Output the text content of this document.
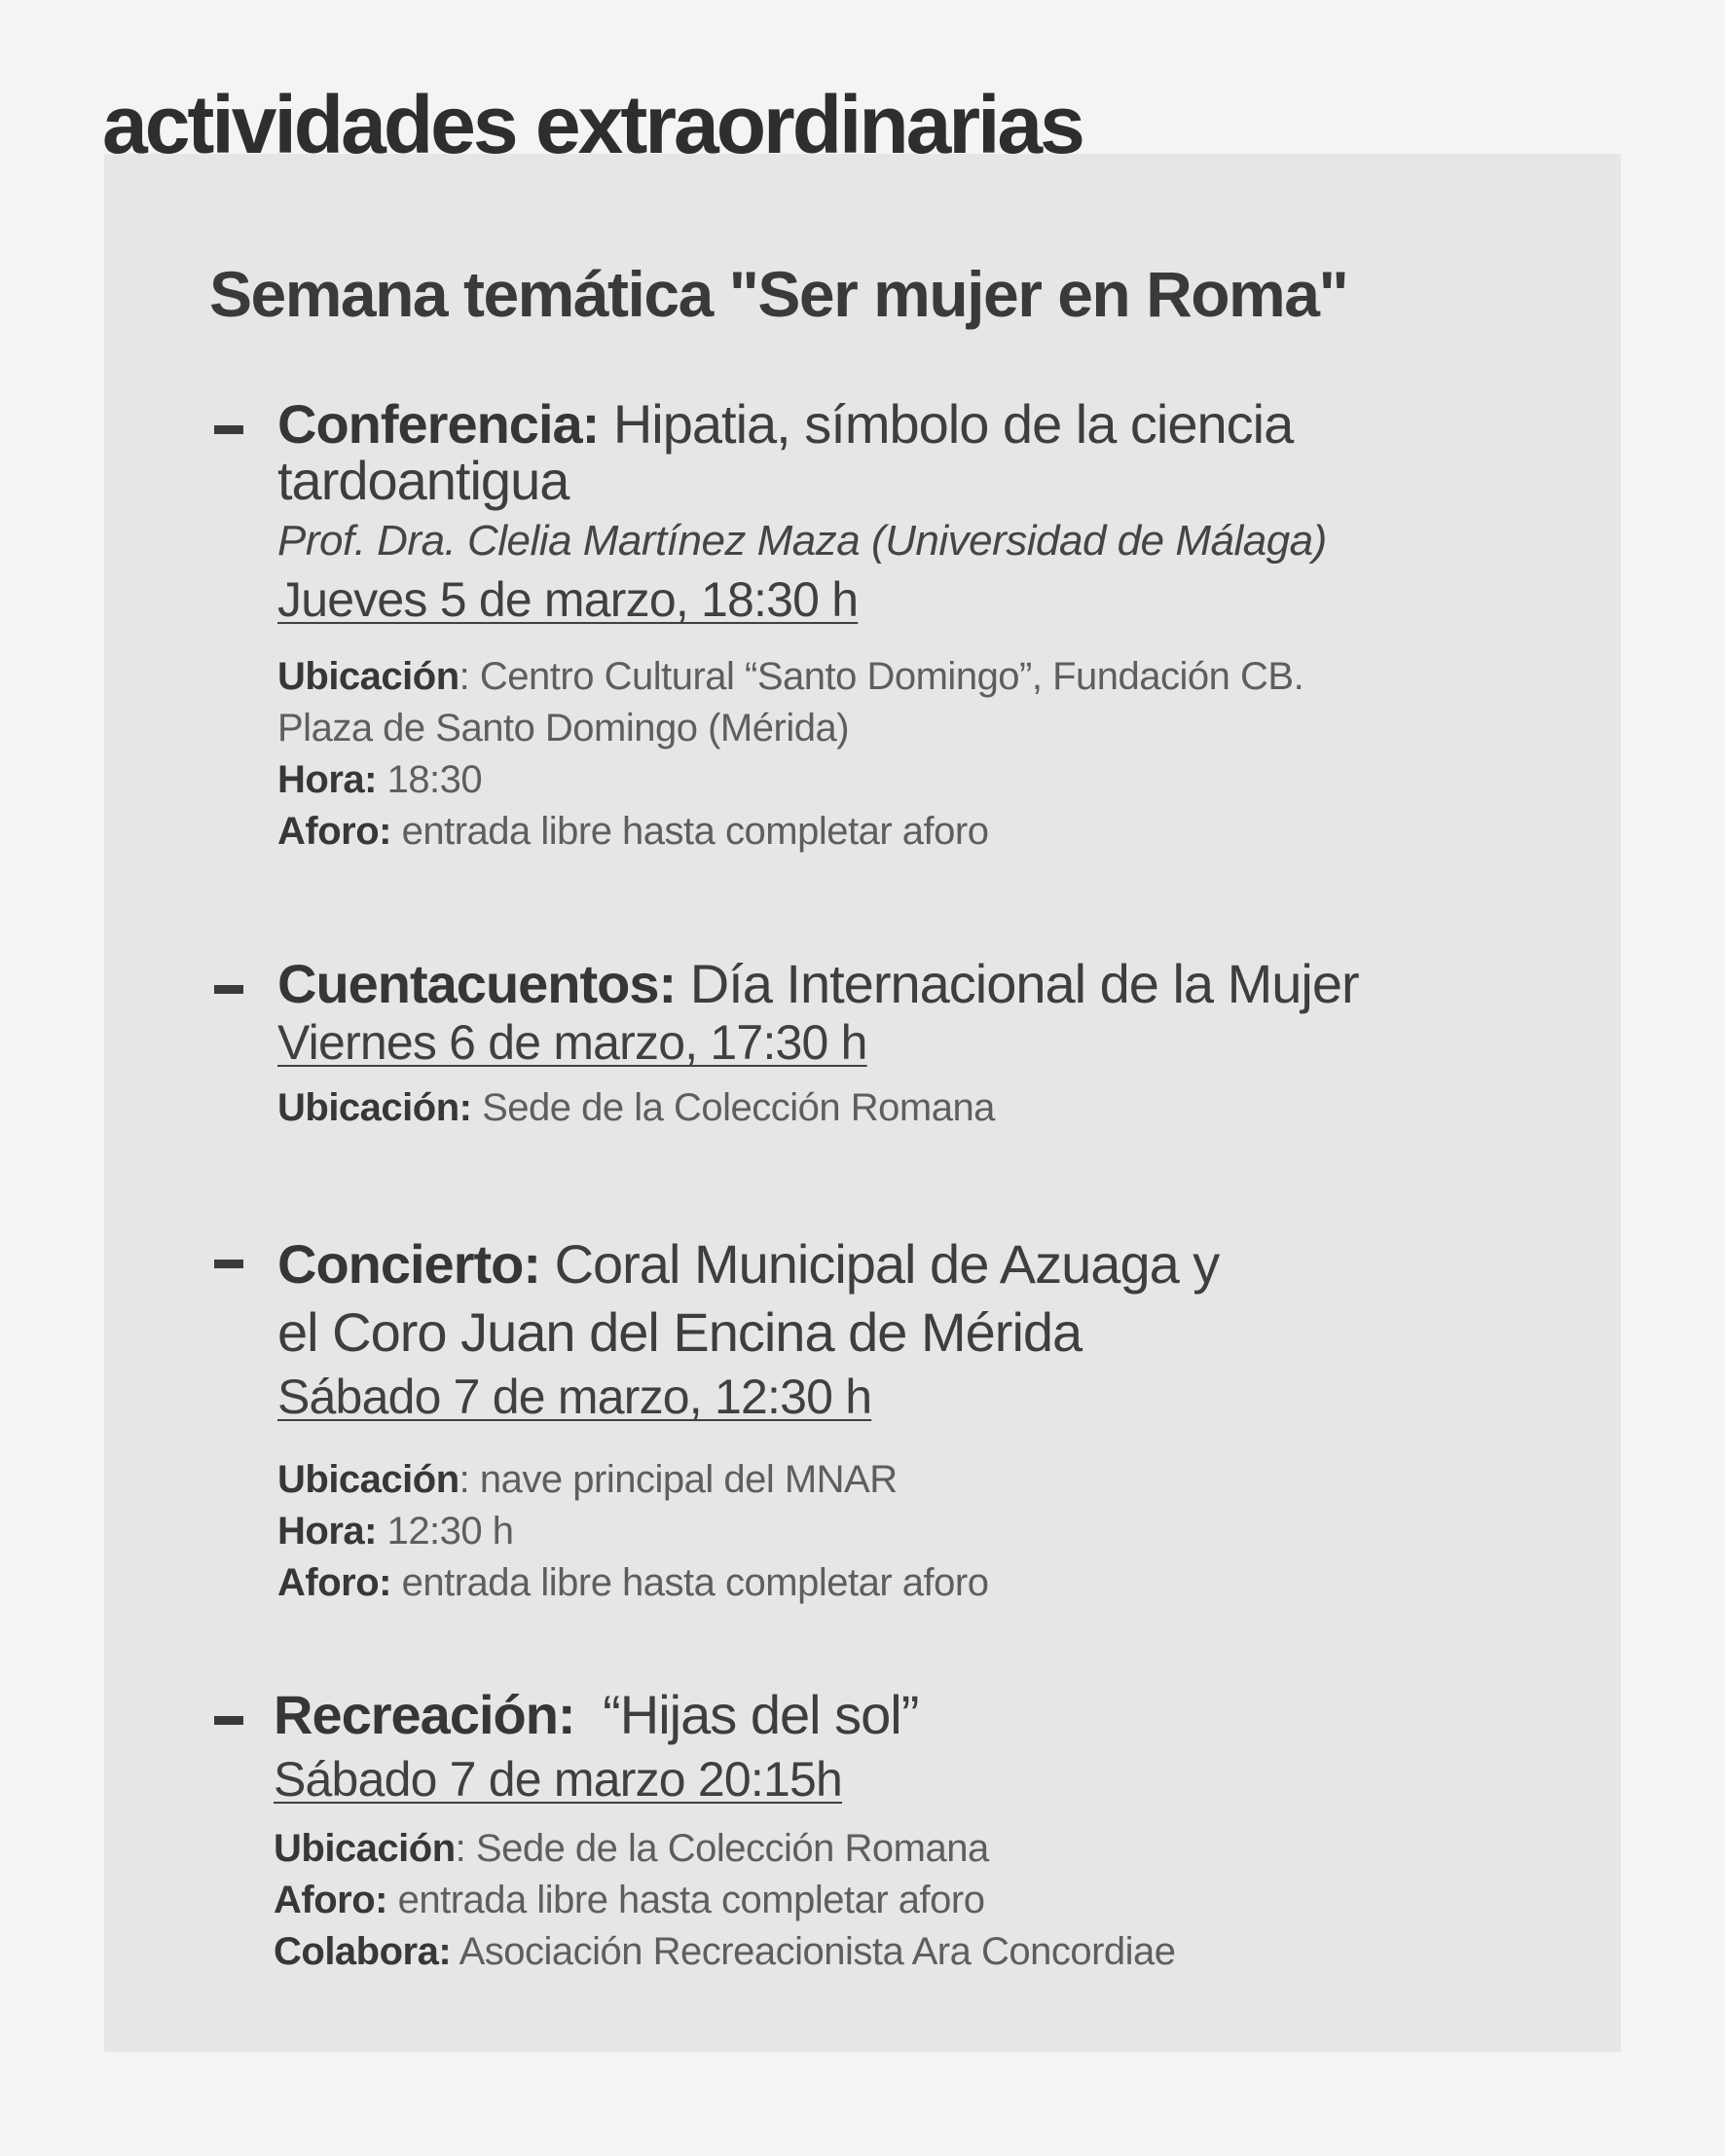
actividades extraordinarias
Semana temática "Ser mujer en Roma"
Conferencia: Hipatia, símbolo de la ciencia
tardoantigua
Prof. Dra. Clelia Martínez Maza (Universidad de Málaga)
Jueves 5 de marzo, 18:30 h
Ubicación: Centro Cultural “Santo Domingo”, Fundación CB.
Plaza de Santo Domingo (Mérida)
Hora: 18:30
Aforo: entrada libre hasta completar aforo
Cuentacuentos: Día Internacional de la Mujer
Viernes 6 de marzo, 17:30 h
Ubicación: Sede de la Colección Romana
Concierto: Coral Municipal de Azuaga y
el Coro Juan del Encina de Mérida
Sábado 7 de marzo, 12:30 h
Ubicación: nave principal del MNAR
Hora: 12:30 h
Aforo: entrada libre hasta completar aforo
Recreación: “Hijas del sol”
Sábado 7 de marzo 20:15h
Ubicación: Sede de la Colección Romana
Aforo: entrada libre hasta completar aforo
Colabora: Asociación Recreacionista Ara Concordiae
